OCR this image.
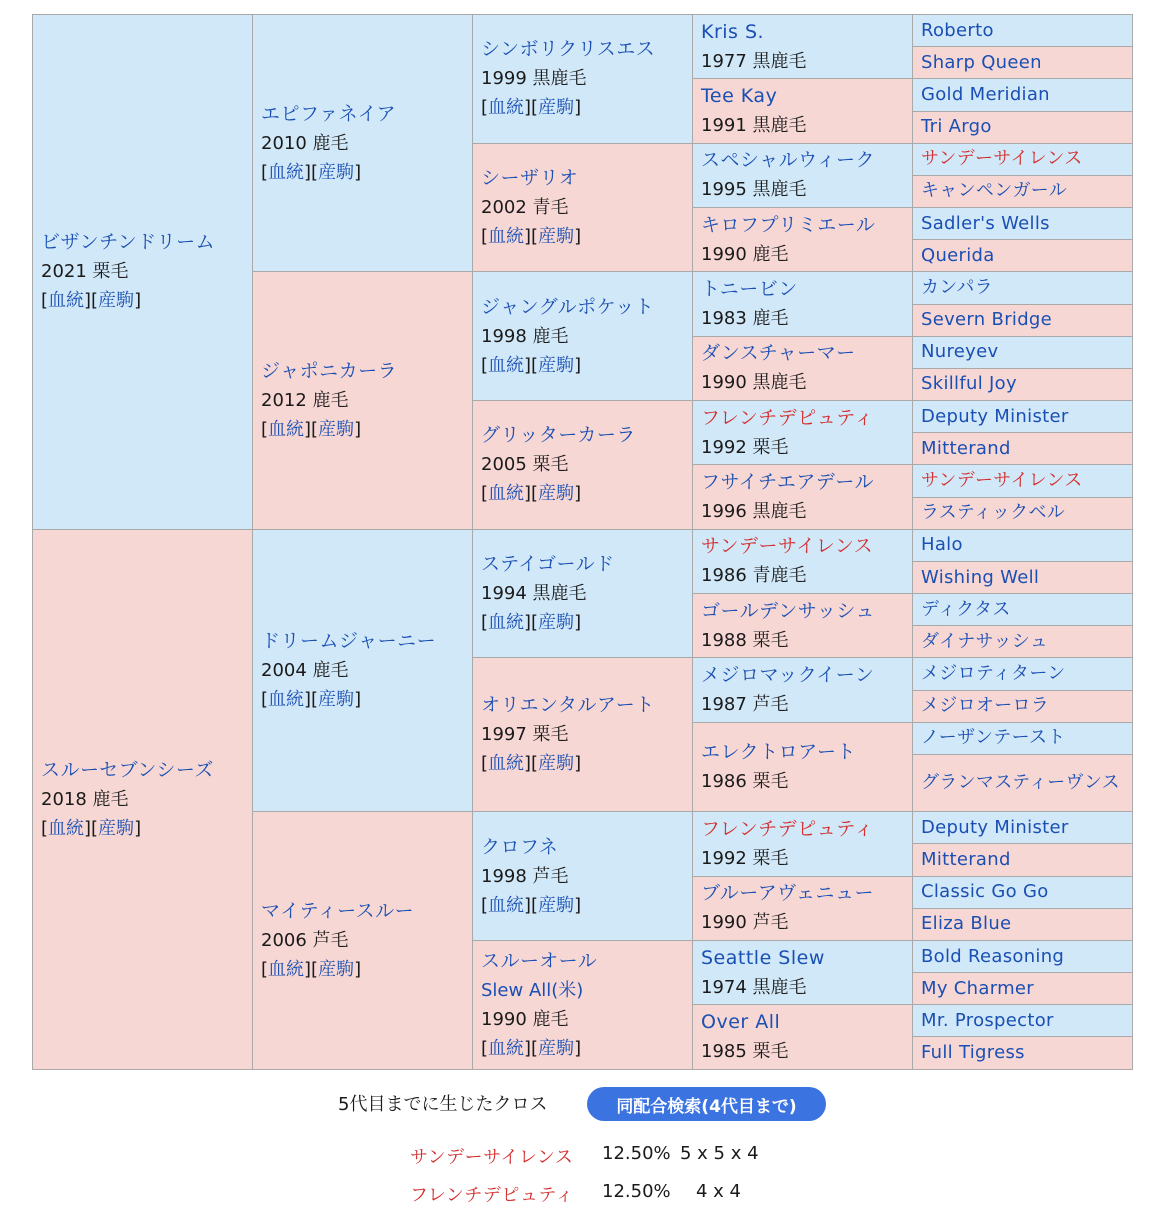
ビザンチンドリーム
2021 栗毛
[血統][産駒]	エピファネイア
2010 鹿毛
[血統][産駒]	シンボリクリスエス
1999 黒鹿毛
[血統][産駒]	Kris S.
1977 黒鹿毛	Roberto

				Sharp Queen

			Tee Kay
1991 黒鹿毛	Gold Meridian

				Tri Argo

		シーザリオ
2002 青毛
[血統][産駒]	スペシャルウィーク
1995 黒鹿毛	サンデーサイレンス

				キャンペンガール

			キロフプリミエール
1990 鹿毛	Sadler's Wells

				Querida

	ジャポニカーラ
2012 鹿毛
[血統][産駒]	ジャングルポケット
1998 鹿毛
[血統][産駒]	トニービン
1983 鹿毛	カンパラ

				Severn Bridge

			ダンスチャーマー
1990 黒鹿毛	Nureyev

				Skillful Joy

		グリッターカーラ
2005 栗毛
[血統][産駒]	フレンチデピュティ
1992 栗毛	Deputy Minister

				Mitterand

			フサイチエアデール
1996 黒鹿毛	サンデーサイレンス

				ラスティックベル

スルーセブンシーズ
2018 鹿毛
[血統][産駒]	ドリームジャーニー
2004 鹿毛
[血統][産駒]	ステイゴールド
1994 黒鹿毛
[血統][産駒]	サンデーサイレンス
1986 青鹿毛	Halo

				Wishing Well

			ゴールデンサッシュ
1988 栗毛	ディクタス

				ダイナサッシュ

		オリエンタルアート
1997 栗毛
[血統][産駒]	メジロマックイーン
1987 芦毛	メジロティターン

				メジロオーロラ

			エレクトロアート
1986 栗毛	ノーザンテースト

				グランマスティーヴンス

	マイティースルー
2006 芦毛
[血統][産駒]	クロフネ
1998 芦毛
[血統][産駒]	フレンチデピュティ
1992 栗毛	Deputy Minister

				Mitterand

			ブルーアヴェニュー
1990 芦毛	Classic Go Go

				Eliza Blue

		スルーオール
Slew All(米)
1990 鹿毛
[血統][産駒]	Seattle Slew
1974 黒鹿毛	Bold Reasoning

				My Charmer

			Over All
1985 栗毛	Mr. Prospector

				Full Tigress
5代目までに生じたクロス	同配合検索(4代目まで)
サンデーサイレンス 12.50% 5 x 5 x 4
フレンチデピュティ 12.50% 4 x 4
